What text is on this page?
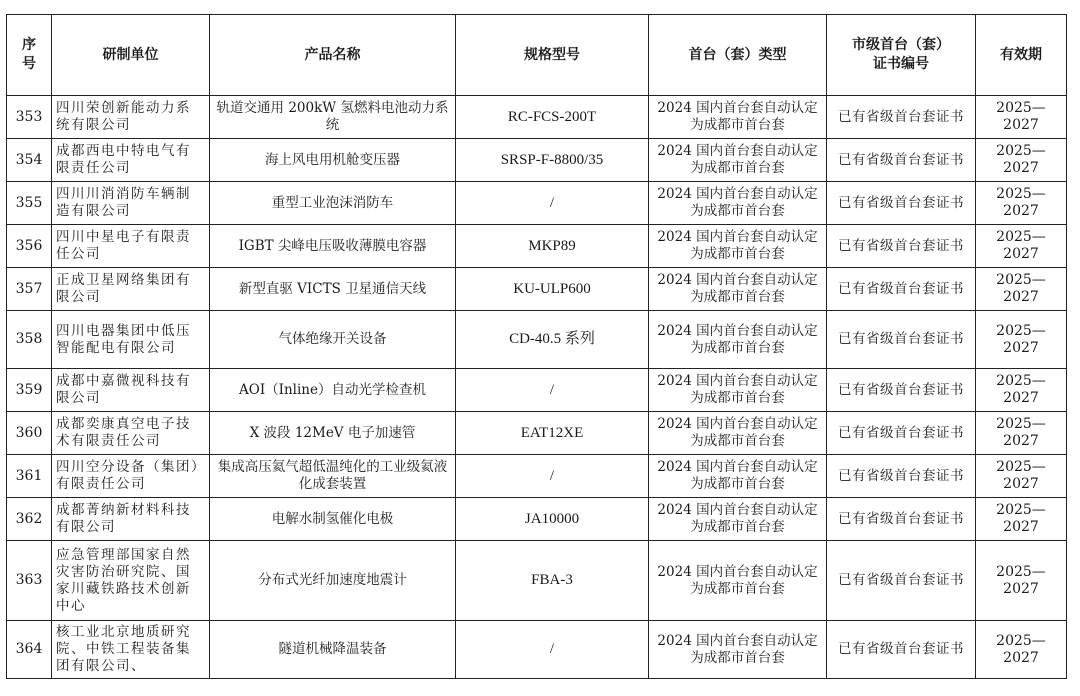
序号	研制单位	产品名称	规格型号	首台（套）类型	市级首台（套）证书编号	有效期
353	四川荣创新能动力系统有限公司	轨道交通用 200kW 氢燃料电池动力系统	RC-FCS-200T	2024 国内首台套自动认定为成都市首台套	已有省级首台套证书	2025—2027
354	成都西电中特电气有限责任公司	海上风电用机舱变压器	SRSP-F-8800/35	2024 国内首台套自动认定为成都市首台套	已有省级首台套证书	2025—2027
355	四川川消消防车辆制造有限公司	重型工业泡沫消防车	/	2024 国内首台套自动认定为成都市首台套	已有省级首台套证书	2025—2027
356	四川中星电子有限责任公司	IGBT 尖峰电压吸收薄膜电容器	MKP89	2024 国内首台套自动认定为成都市首台套	已有省级首台套证书	2025—2027
357	正成卫星网络集团有限公司	新型直驱 VICTS 卫星通信天线	KU-ULP600	2024 国内首台套自动认定为成都市首台套	已有省级首台套证书	2025—2027
358	四川电器集团中低压智能配电有限公司	气体绝缘开关设备	CD-40.5 系列	2024 国内首台套自动认定为成都市首台套	已有省级首台套证书	2025—2027
359	成都中嘉微视科技有限公司	AOI（Inline）自动光学检查机	/	2024 国内首台套自动认定为成都市首台套	已有省级首台套证书	2025—2027
360	成都奕康真空电子技术有限责任公司	X 波段 12MeV 电子加速管	EAT12XE	2024 国内首台套自动认定为成都市首台套	已有省级首台套证书	2025—2027
361	四川空分设备（集团）有限责任公司	集成高压氦气超低温纯化的工业级氦液化成套装置	/	2024 国内首台套自动认定为成都市首台套	已有省级首台套证书	2025—2027
362	成都菁纳新材料科技有限公司	电解水制氢催化电极	JA10000	2024 国内首台套自动认定为成都市首台套	已有省级首台套证书	2025—2027
363	应急管理部国家自然灾害防治研究院、国家川藏铁路技术创新中心	分布式光纤加速度地震计	FBA-3	2024 国内首台套自动认定为成都市首台套	已有省级首台套证书	2025—2027
364	核工业北京地质研究院、中铁工程装备集团有限公司、	隧道机械降温装备	/	2024 国内首台套自动认定为成都市首台套	已有省级首台套证书	2025—2027
